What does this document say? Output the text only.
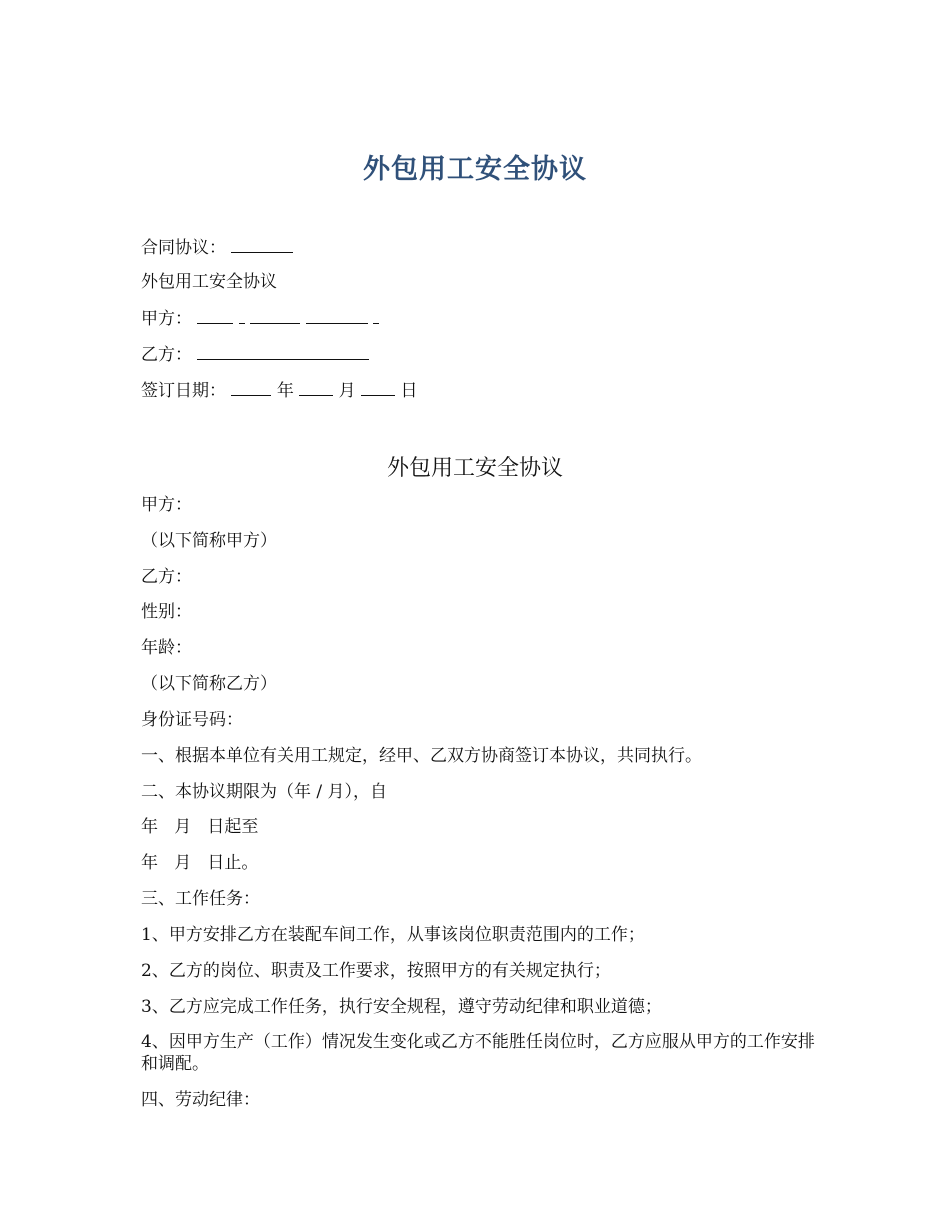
外包用工安全协议
合同协议：
外包用工安全协议
甲方：
乙方：
签订日期：	年	月	日
外包用工安全协议
甲方：
（以下简称甲方）
乙方：
性别：
年龄：
（以下简称乙方）
身份证号码：
一、根据本单位有关用工规定，经甲、乙双方协商签订本协议，共同执行。
二、本协议期限为（年 / 月），自
年   月   日起至
年   月   日止。
三、工作任务：
1、甲方安排乙方在装配车间工作，从事该岗位职责范围内的工作；
2、乙方的岗位、职责及工作要求，按照甲方的有关规定执行；
3、乙方应完成工作任务，执行安全规程，遵守劳动纪律和职业道德；
4、因甲方生产（工作）情况发生变化或乙方不能胜任岗位时，乙方应服从甲方的工作安排和调配。
四、劳动纪律：
